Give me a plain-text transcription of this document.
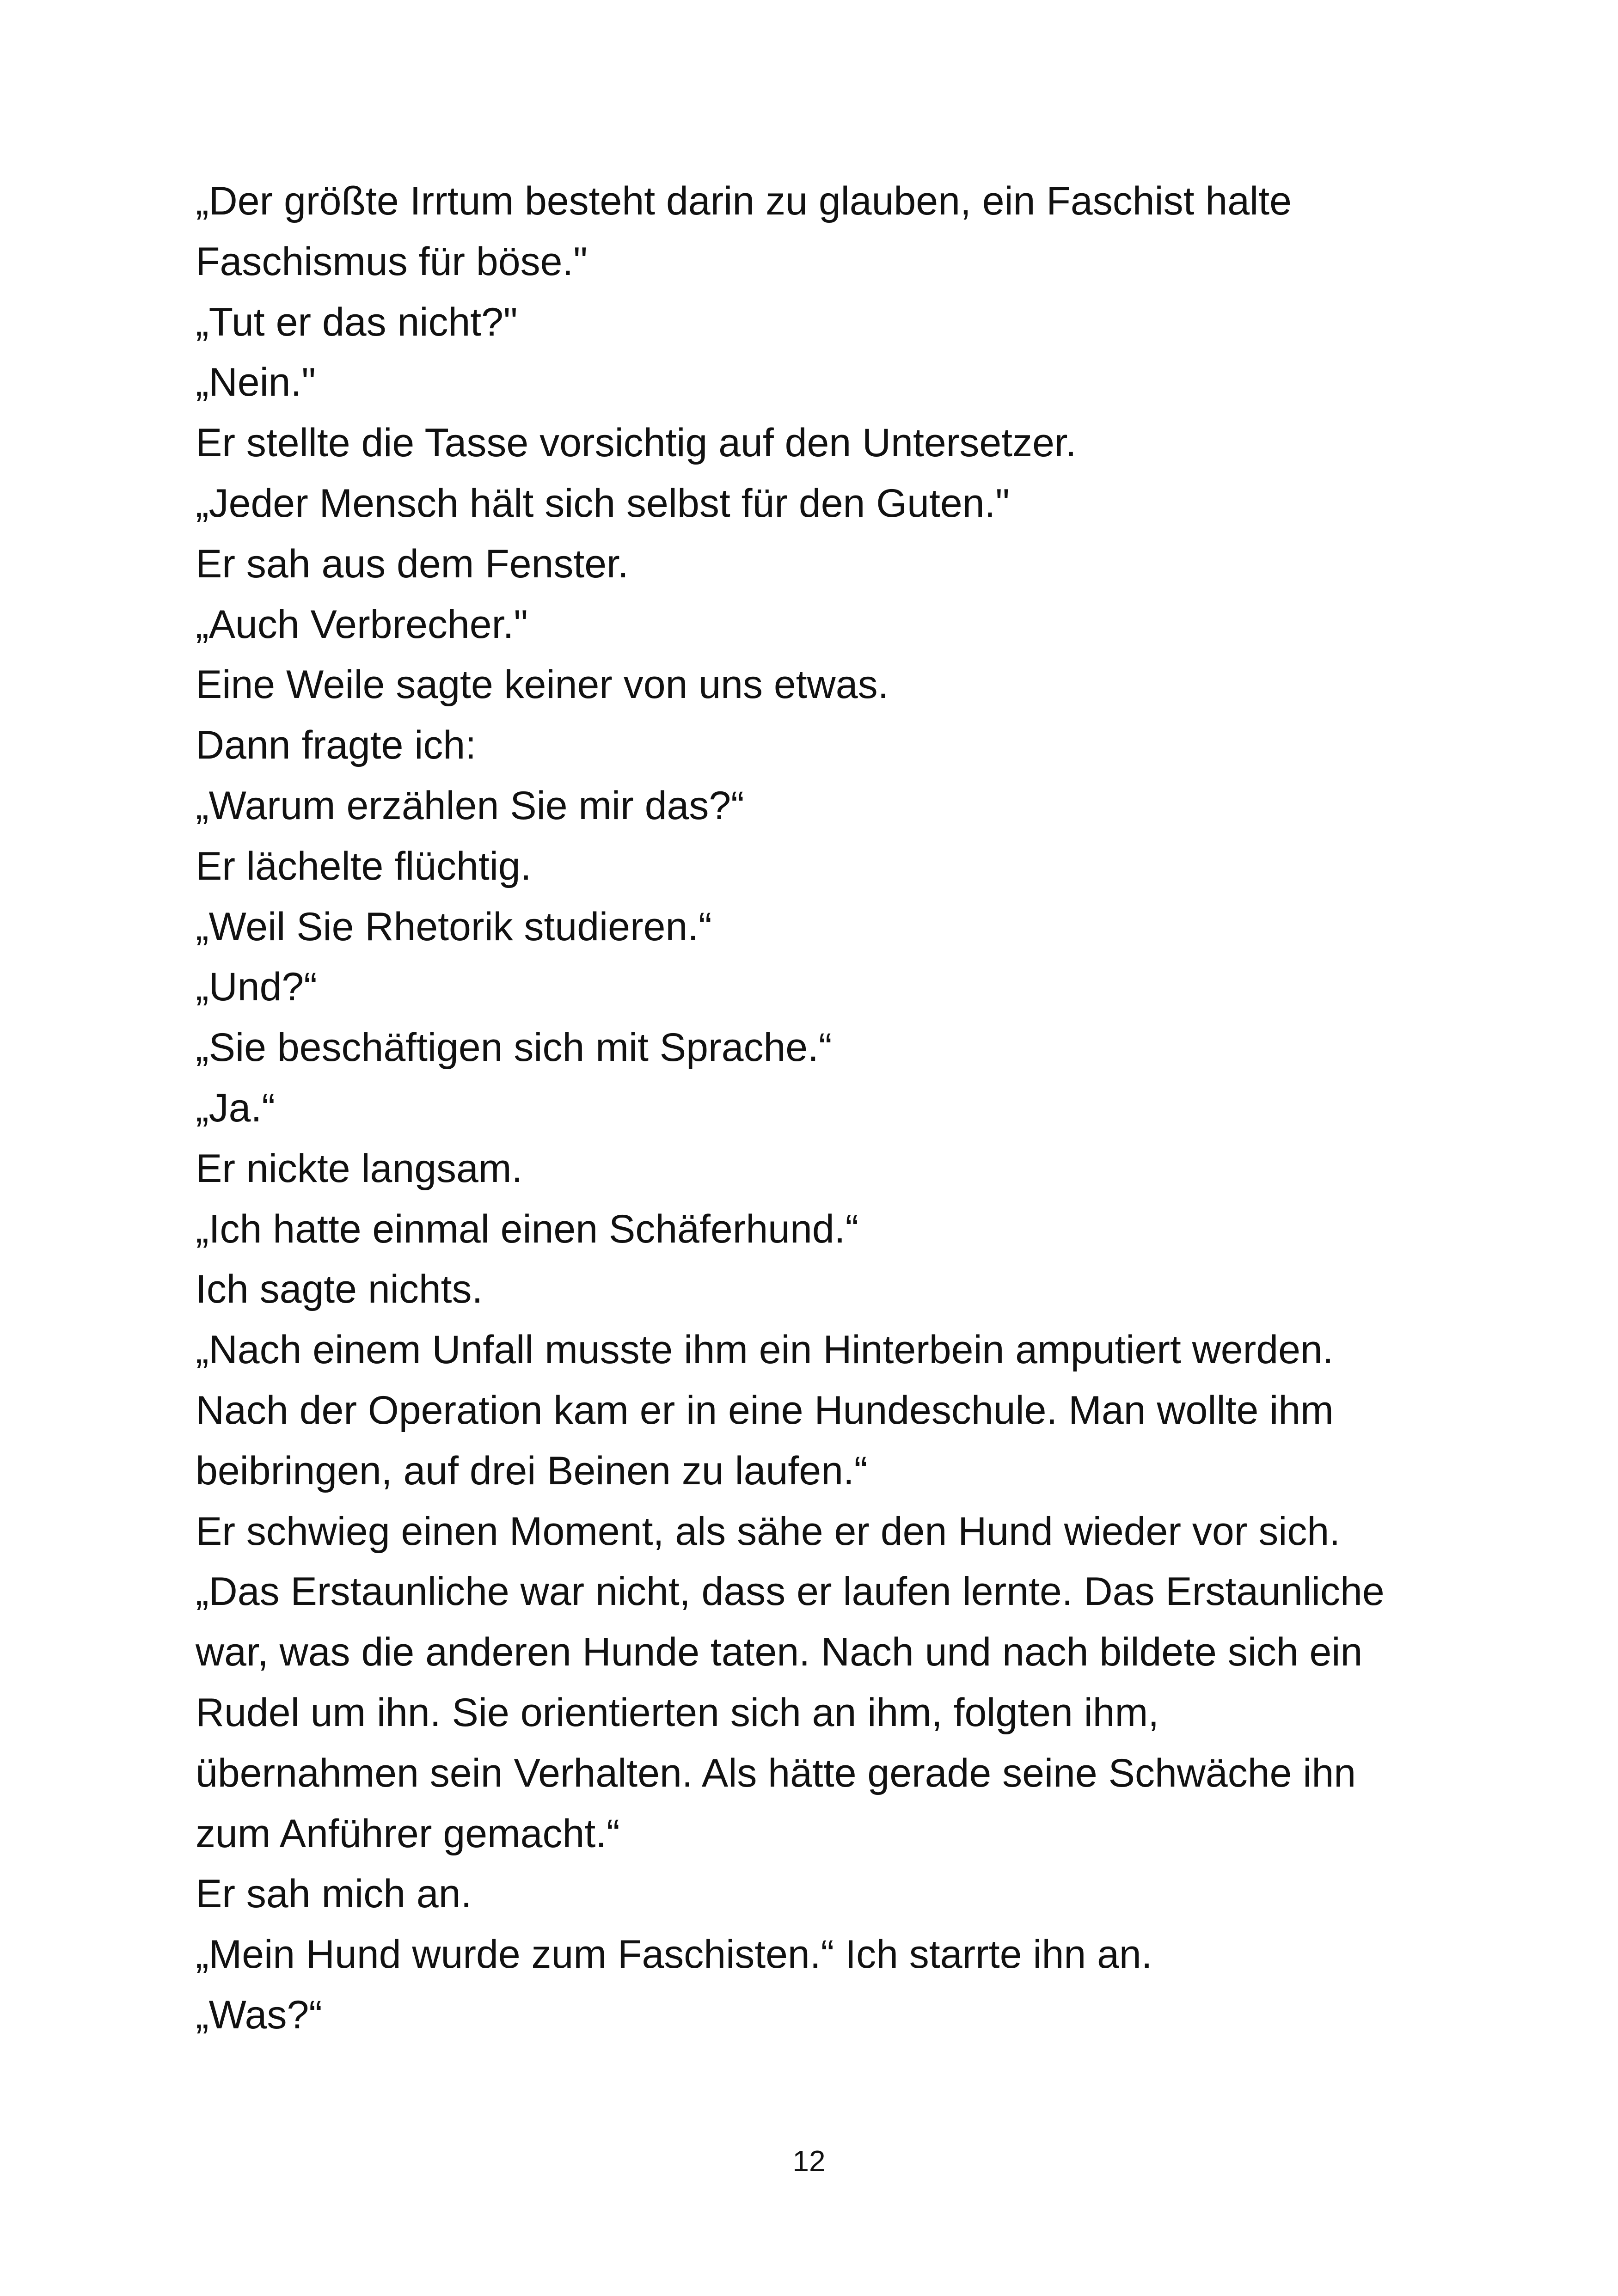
„Der größte Irrtum besteht darin zu glauben, ein Faschist halte
Faschismus für böse."
„Tut er das nicht?"
„Nein."
Er stellte die Tasse vorsichtig auf den Untersetzer.
„Jeder Mensch hält sich selbst für den Guten."
Er sah aus dem Fenster.
„Auch Verbrecher."
Eine Weile sagte keiner von uns etwas.
Dann fragte ich:
„Warum erzählen Sie mir das?“
Er lächelte flüchtig.
„Weil Sie Rhetorik studieren.“
„Und?“
„Sie beschäftigen sich mit Sprache.“
„Ja.“
Er nickte langsam.
„Ich hatte einmal einen Schäferhund.“
Ich sagte nichts.
„Nach einem Unfall musste ihm ein Hinterbein amputiert werden.
Nach der Operation kam er in eine Hundeschule. Man wollte ihm
beibringen, auf drei Beinen zu laufen.“
Er schwieg einen Moment, als sähe er den Hund wieder vor sich.
„Das Erstaunliche war nicht, dass er laufen lernte. Das Erstaunliche
war, was die anderen Hunde taten. Nach und nach bildete sich ein
Rudel um ihn. Sie orientierten sich an ihm, folgten ihm,
übernahmen sein Verhalten. Als hätte gerade seine Schwäche ihn
zum Anführer gemacht.“
Er sah mich an.
„Mein Hund wurde zum Faschisten.“ Ich starrte ihn an.
„Was?“
12
